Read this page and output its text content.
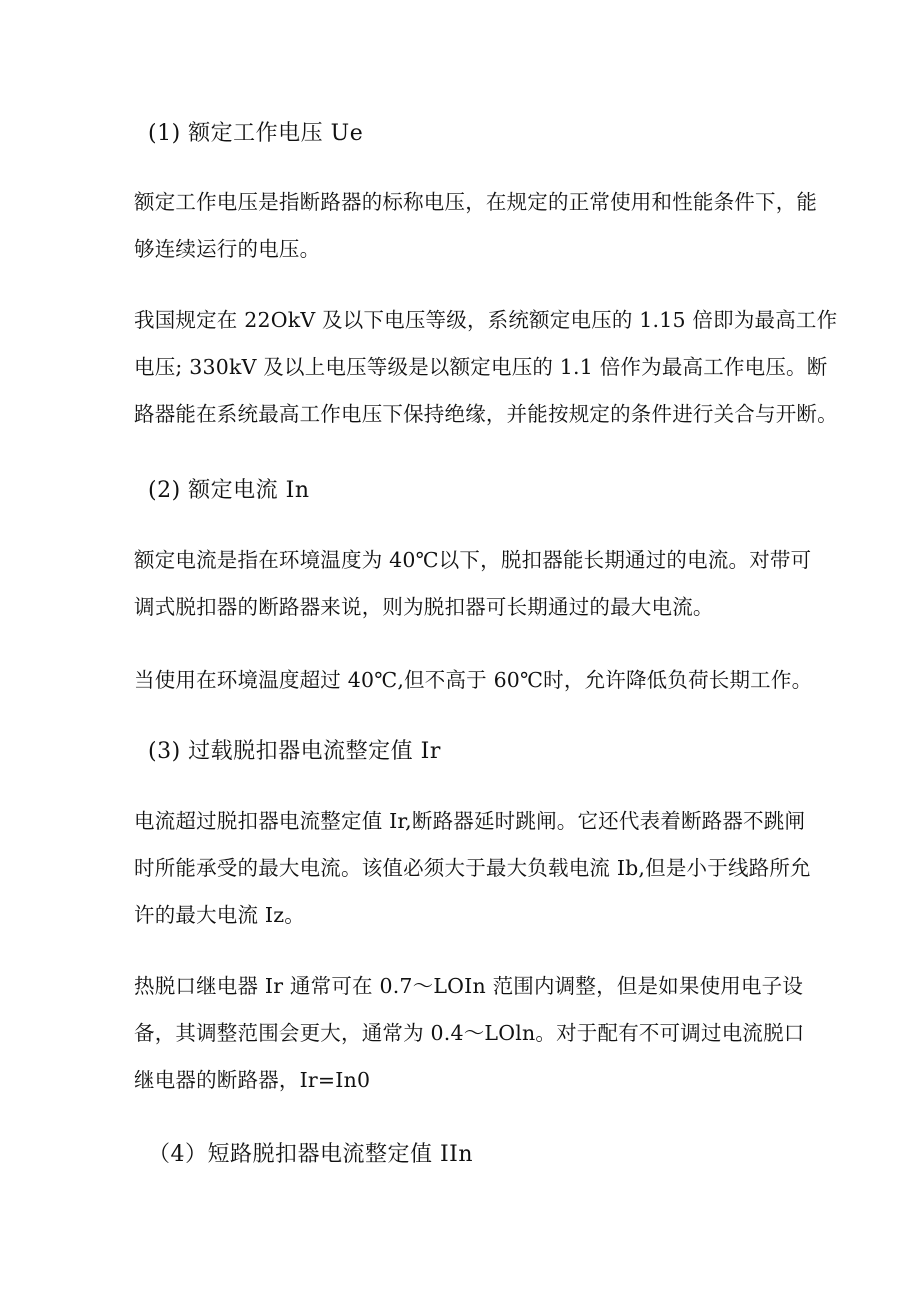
(1) 额定工作电压 Ue

额定工作电压是指断路器的标称电压，在规定的正常使用和性能条件下，能
够连续运行的电压。

我国规定在 22OkV 及以下电压等级，系统额定电压的 1.15 倍即为最高工作
电压; 330kV 及以上电压等级是以额定电压的 1.1 倍作为最高工作电压。断
路器能在系统最高工作电压下保持绝缘，并能按规定的条件进行关合与开断。

(2) 额定电流 In

额定电流是指在环境温度为 40℃以下，脱扣器能长期通过的电流。对带可
调式脱扣器的断路器来说，则为脱扣器可长期通过的最大电流。

当使用在环境温度超过 40℃,但不高于 60℃时，允许降低负荷长期工作。

(3) 过载脱扣器电流整定值 Ir

电流超过脱扣器电流整定值 Ir,断路器延时跳闸。它还代表着断路器不跳闸
时所能承受的最大电流。该值必须大于最大负载电流 Ib,但是小于线路所允
许的最大电流 Iz。

热脱口继电器 Ir 通常可在 0.7～LOIn 范围内调整，但是如果使用电子设
备，其调整范围会更大，通常为 0.4～LOln。对于配有不可调过电流脱口
继电器的断路器，Ir=In0

（4）短路脱扣器电流整定值 IIn
